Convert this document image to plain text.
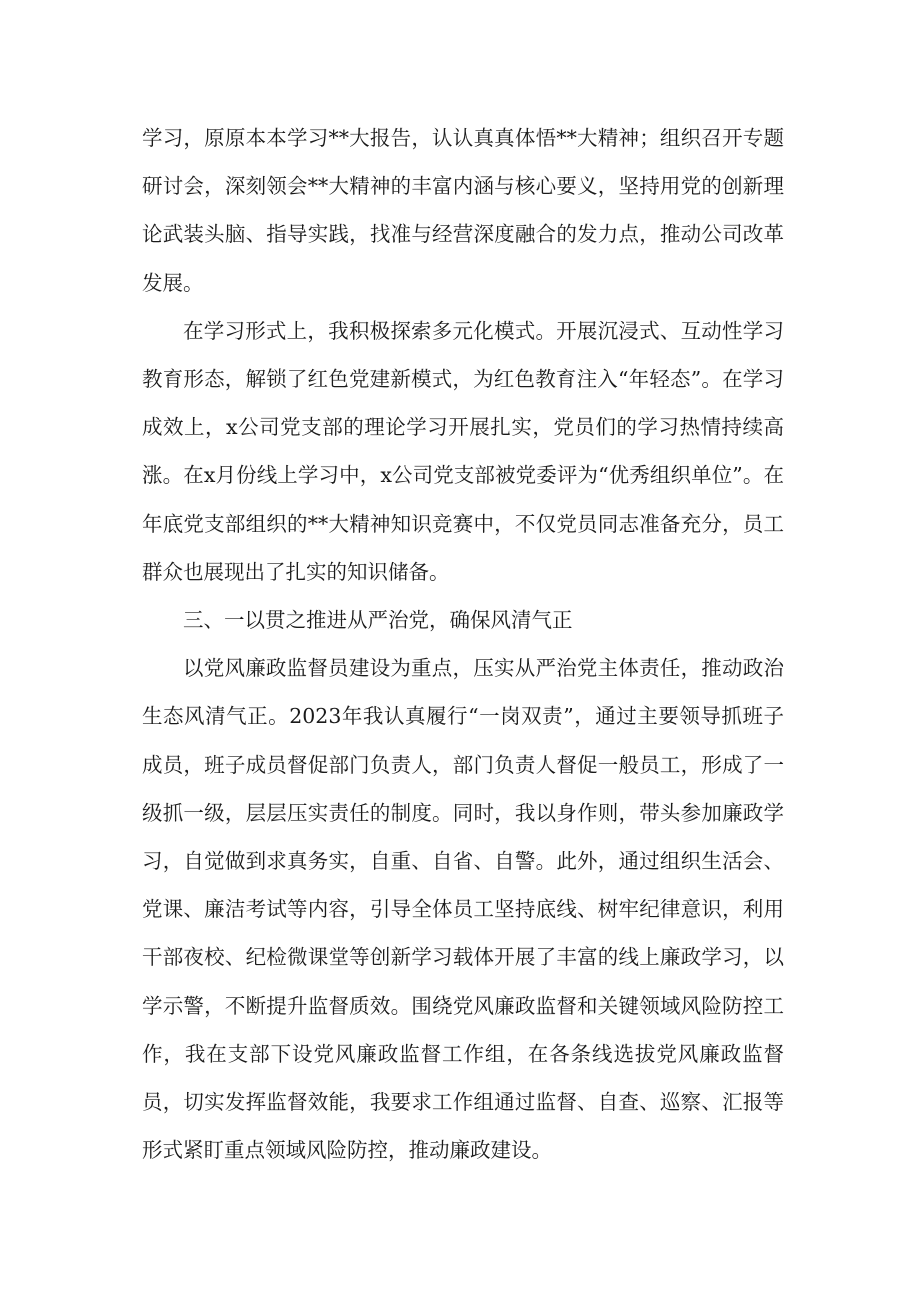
学习，原原本本学习**大报告，认认真真体悟**大精神；组织召开专题研讨会，深刻领会**大精神的丰富内涵与核心要义，坚持用党的创新理论武装头脑、指导实践，找准与经营深度融合的发力点，推动公司改革发展。

在学习形式上，我积极探索多元化模式。开展沉浸式、互动性学习教育形态，解锁了红色党建新模式，为红色教育注入“年轻态”。在学习成效上，x公司党支部的理论学习开展扎实，党员们的学习热情持续高涨。在x月份线上学习中，x公司党支部被党委评为“优秀组织单位”。在年底党支部组织的**大精神知识竞赛中，不仅党员同志准备充分，员工群众也展现出了扎实的知识储备。

三、一以贯之推进从严治党，确保风清气正

以党风廉政监督员建设为重点，压实从严治党主体责任，推动政治生态风清气正。2023年我认真履行“一岗双责”，通过主要领导抓班子成员，班子成员督促部门负责人，部门负责人督促一般员工，形成了一级抓一级，层层压实责任的制度。同时，我以身作则，带头参加廉政学习，自觉做到求真务实，自重、自省、自警。此外，通过组织生活会、党课、廉洁考试等内容，引导全体员工坚持底线、树牢纪律意识，利用干部夜校、纪检微课堂等创新学习载体开展了丰富的线上廉政学习，以学示警，不断提升监督质效。围绕党风廉政监督和关键领域风险防控工作，我在支部下设党风廉政监督工作组，在各条线选拔党风廉政监督员，切实发挥监督效能，我要求工作组通过监督、自查、巡察、汇报等形式紧盯重点领域风险防控，推动廉政建设。
